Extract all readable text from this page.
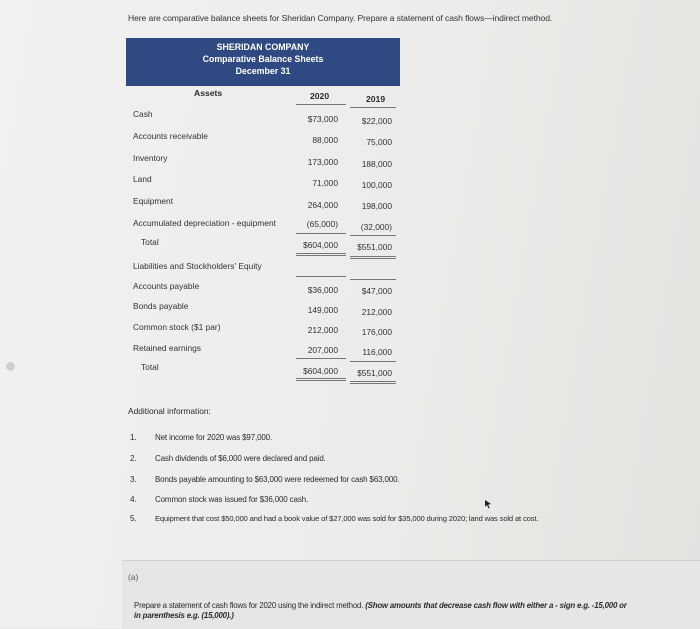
Here are comparative balance sheets for Sheridan Company. Prepare a statement of cash flows—indirect method.
SHERIDAN COMPANY
Comparative Balance Sheets
December 31
Assets	2020	2019
Cash	$73,000	$22,000
Accounts receivable	88,000	75,000
Inventory	173,000	188,000
Land	71,000	100,000
Equipment	264,000	198,000
Accumulated depreciation - equipment	(65,000)	(32,000)
Total	$604,000	$551,000
Liabilities and Stockholders' Equity
Accounts payable	$36,000	$47,000
Bonds payable	149,000	212,000
Common stock ($1 par)	212,000	176,000
Retained earnings	207,000	116,000
Total	$604,000	$551,000
Additional information:
1. Net income for 2020 was $97,000.
2. Cash dividends of $6,000 were declared and paid.
3. Bonds payable amounting to $63,000 were redeemed for cash $63,000.
4. Common stock was issued for $36,000 cash.
5. Equipment that cost $50,000 and had a book value of $27,000 was sold for $35,000 during 2020; land was sold at cost.
(a)
Prepare a statement of cash flows for 2020 using the indirect method. (Show amounts that decrease cash flow with either a - sign e.g. -15,000 or in parenthesis e.g. (15,000).)
